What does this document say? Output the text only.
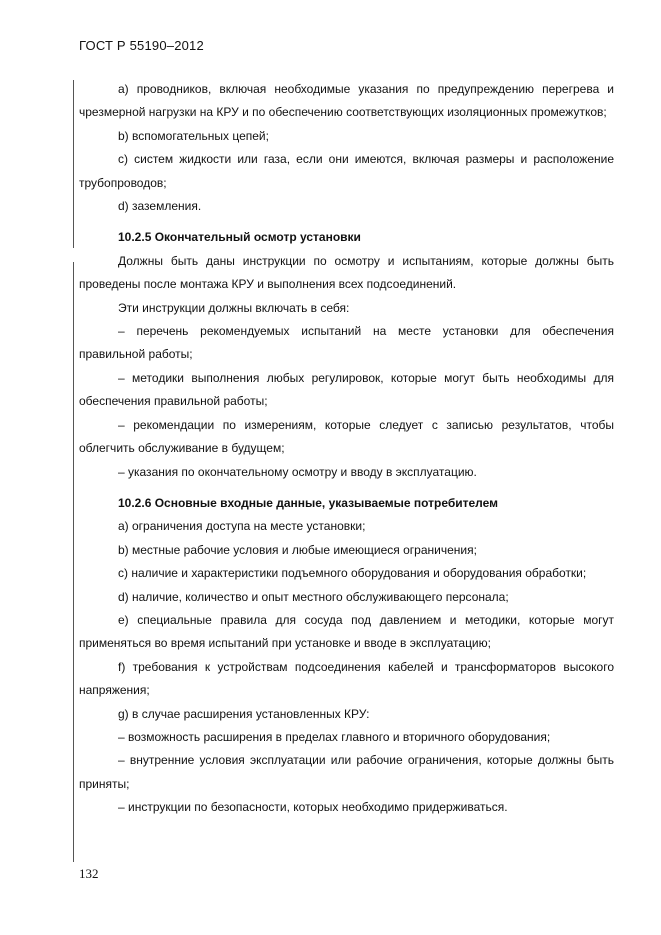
ГОСТ Р 55190–2012

а) проводников, включая необходимые указания по предупреждению перегрева и чрезмерной нагрузки на КРУ и по обеспечению соответствующих изоляционных промежутков;

b) вспомогательных цепей;

c) систем жидкости или газа, если они имеются, включая размеры и расположение трубопроводов;

d) заземления.

10.2.5 Окончательный осмотр установки

Должны быть даны инструкции по осмотру и испытаниям, которые должны быть проведены после монтажа КРУ и выполнения всех подсоединений.

Эти инструкции должны включать в себя:

– перечень рекомендуемых испытаний на месте установки для обеспечения правильной работы;

– методики выполнения любых регулировок, которые могут быть необходимы для обеспечения правильной работы;

– рекомендации по измерениям, которые следует с записью результатов, чтобы облегчить обслуживание в будущем;

– указания по окончательному осмотру и вводу в эксплуатацию.

10.2.6 Основные входные данные, указываемые потребителем

а) ограничения доступа на месте установки;

b) местные рабочие условия и любые имеющиеся ограничения;

c) наличие и характеристики подъемного оборудования и оборудования обработки;

d) наличие, количество и опыт местного обслуживающего персонала;

e) специальные правила для сосуда под давлением и методики, которые могут применяться во время испытаний при установке и вводе в эксплуатацию;

f) требования к устройствам подсоединения кабелей и трансформаторов высокого напряжения;

g) в случае расширения установленных КРУ:

– возможность расширения в пределах главного и вторичного оборудования;

– внутренние условия эксплуатации или рабочие ограничения, которые должны быть приняты;

– инструкции по безопасности, которых необходимо придерживаться.

132
